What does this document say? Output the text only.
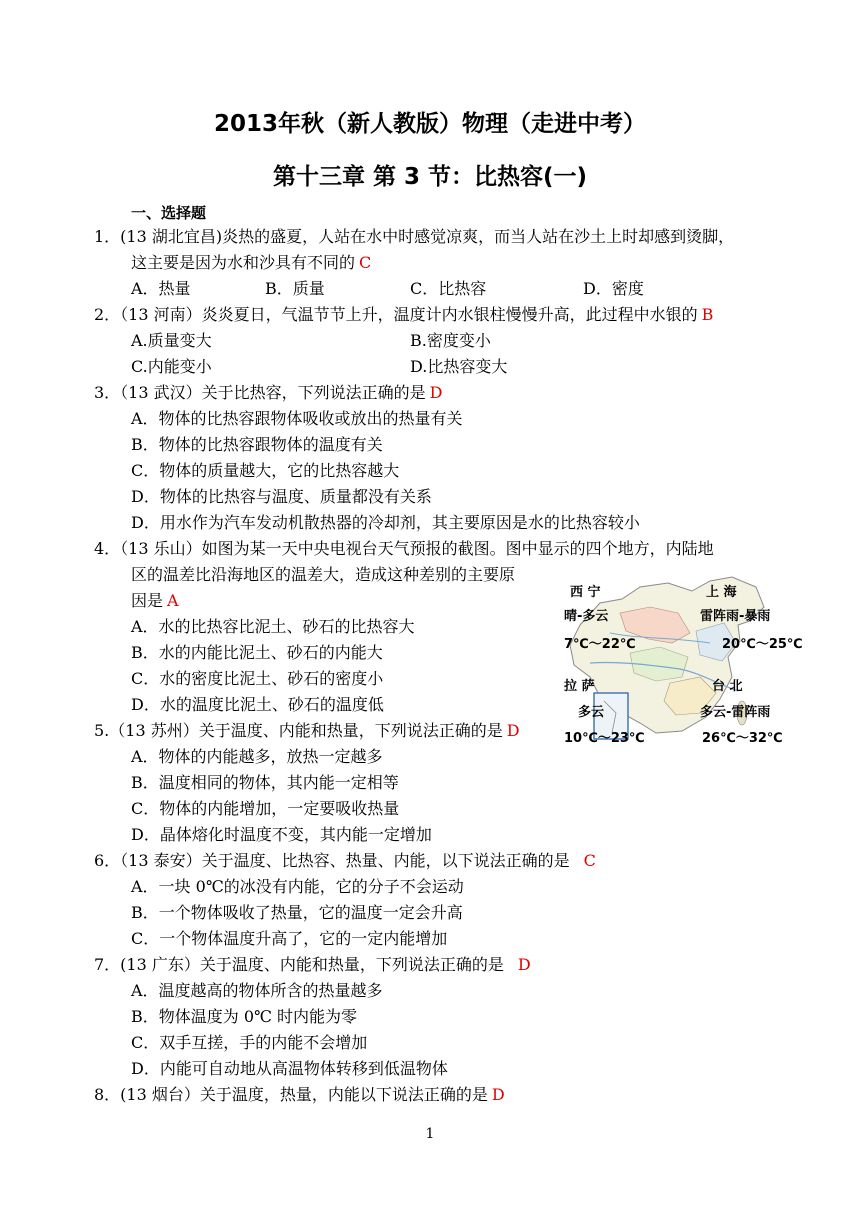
2013年秋（新人教版）物理（走进中考）
第十三章 第 3 节：比热容(一)
一、选择题
1．(13 湖北宜昌)炎热的盛夏，人站在水中时感觉凉爽，而当人站在沙土上时却感到烫脚，
这主要是因为水和沙具有不同的 C
A．热量	B．质量	C．比热容	D．密度
2．（13 河南）炎炎夏日，气温节节上升，温度计内水银柱慢慢升高，此过程中水银的 B
A.质量变大	B.密度变小
C.内能变小	D.比热容变大
3．（13 武汉）关于比热容，下列说法正确的是 D
A．物体的比热容跟物体吸收或放出的热量有关
B．物体的比热容跟物体的温度有关
C．物体的质量越大，它的比热容越大
D．物体的比热容与温度、质量都没有关系
D．用水作为汽车发动机散热器的冷却剂，其主要原因是水的比热容较小
4．（13 乐山）如图为某一天中央电视台天气预报的截图。图中显示的四个地方，内陆地
区的温差比沿海地区的温差大，造成这种差别的主要原
因是 A
A．水的比热容比泥土、砂石的比热容大
B．水的内能比泥土、砂石的内能大
C．水的密度比泥土、砂石的密度小
D．水的温度比泥土、砂石的温度低
西 宁
晴-多云
7℃～22℃
上 海
雷阵雨-暴雨
20℃～25℃
拉 萨
多云
10℃～23℃
台 北
多云-雷阵雨
26℃～32℃
5.（13 苏州）关于温度、内能和热量，下列说法正确的是 D
A．物体的内能越多，放热一定越多
B．温度相同的物体，其内能一定相等
C．物体的内能增加，一定要吸收热量
D．晶体熔化时温度不变，其内能一定增加
6．（13 泰安）关于温度、比热容、热量、内能，以下说法正确的是 C
A．一块 0℃的冰没有内能，它的分子不会运动
B．一个物体吸收了热量，它的温度一定会升高
C．一个物体温度升高了，它的一定内能增加
7．(13 广东）关于温度、内能和热量，下列说法正确的是 D
A．温度越高的物体所含的热量越多
B．物体温度为 0℃ 时内能为零
C．双手互搓，手的内能不会增加
D．内能可自动地从高温物体转移到低温物体
8．(13 烟台）关于温度，热量，内能以下说法正确的是 D
1
